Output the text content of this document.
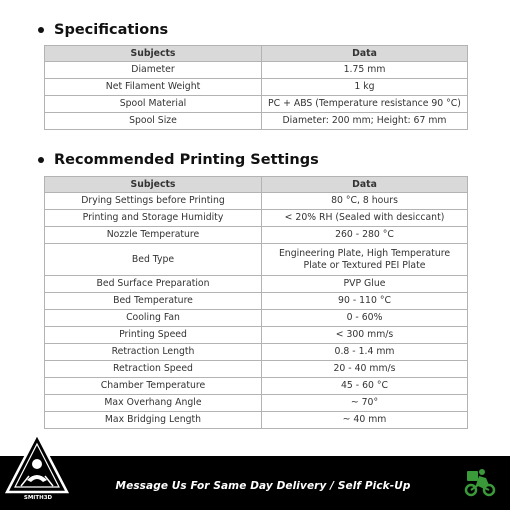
Specifications
Subjects	Data
Diameter	1.75 mm
Net Filament Weight	1 kg
Spool Material	PC + ABS (Temperature resistance 90 °C)
Spool Size	Diameter: 200 mm; Height: 67 mm
Recommended Printing Settings
Subjects	Data
Drying Settings before Printing	80 °C, 8 hours
Printing and Storage Humidity	< 20% RH (Sealed with desiccant)
Nozzle Temperature	260 - 280 °C
Bed Type	Engineering Plate, High Temperature Plate or Textured PEI Plate
Bed Surface Preparation	PVP Glue
Bed Temperature	90 - 110 °C
Cooling Fan	0 - 60%
Printing Speed	< 300 mm/s
Retraction Length	0.8 - 1.4 mm
Retraction Speed	20 - 40 mm/s
Chamber Temperature	45 - 60 °C
Max Overhang Angle	~ 70°
Max Bridging Length	~ 40 mm
Message Us For Same Day Delivery / Self Pick-Up
SMITH3D
